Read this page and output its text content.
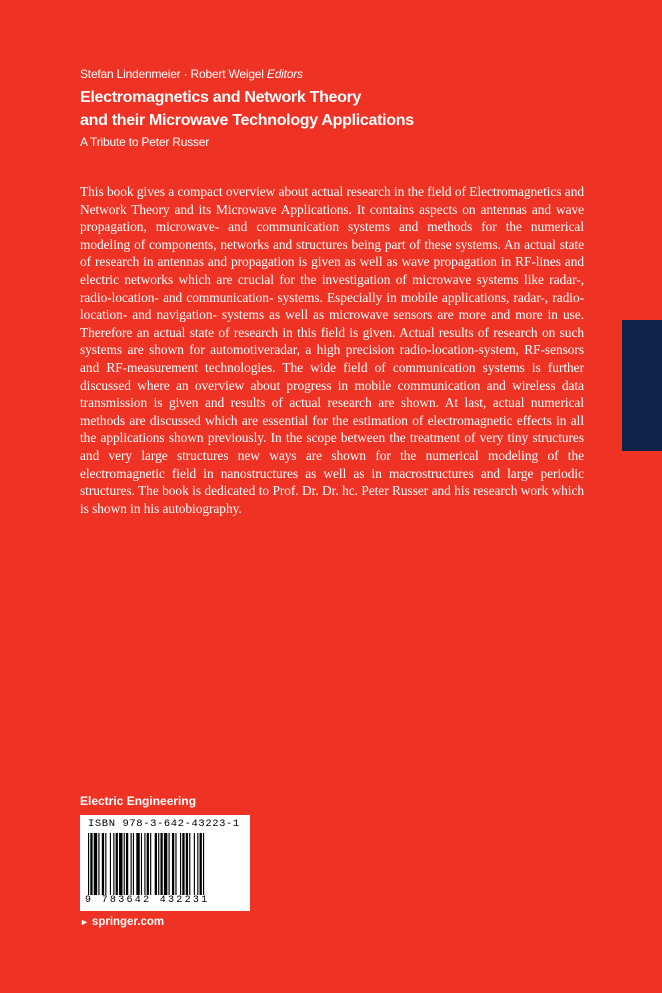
Stefan Lindenmeier · Robert Weigel Editors
Electromagnetics and Network Theory
and their Microwave Technology Applications
A Tribute to Peter Russer
This book gives a compact overview about actual research in the field of Electromagnetics and Network Theory and its Microwave Applications. It contains aspects on antennas and wave propagation, microwave- and communication systems and methods for the numerical modeling of components, networks and structures being part of these systems. An actual state of research in antennas and propagation is given as well as wave propagation in RF-lines and electric networks which are crucial for the investigation of microwave systems like radar-, radio-location- and communication- systems. Especially in mobile applications, radar-, radio-location- and navigation- systems as well as microwave sensors are more and more in use. Therefore an actual state of research in this field is given. Actual results of research on such systems are shown for automotiveradar, a high precision radio-location-system, RF-sensors and RF-measurement technologies. The wide field of communication systems is further discussed where an overview about progress in mobile communication and wireless data transmission is given and results of actual research are shown. At last, actual numerical methods are discussed which are essential for the estimation of electromagnetic effects in all the applications shown previously. In the scope between the treatment of very tiny structures and very large structures new ways are shown for the numerical modeling of the electromagnetic field in nanostructures as well as in macrostructures and large periodic structures. The book is dedicated to Prof. Dr. Dr. hc. Peter Russer and his research work which is shown in his autobiography.
Electric Engineering
ISBN 978-3-642-43223-1
9 783642 432231
► springer.com
